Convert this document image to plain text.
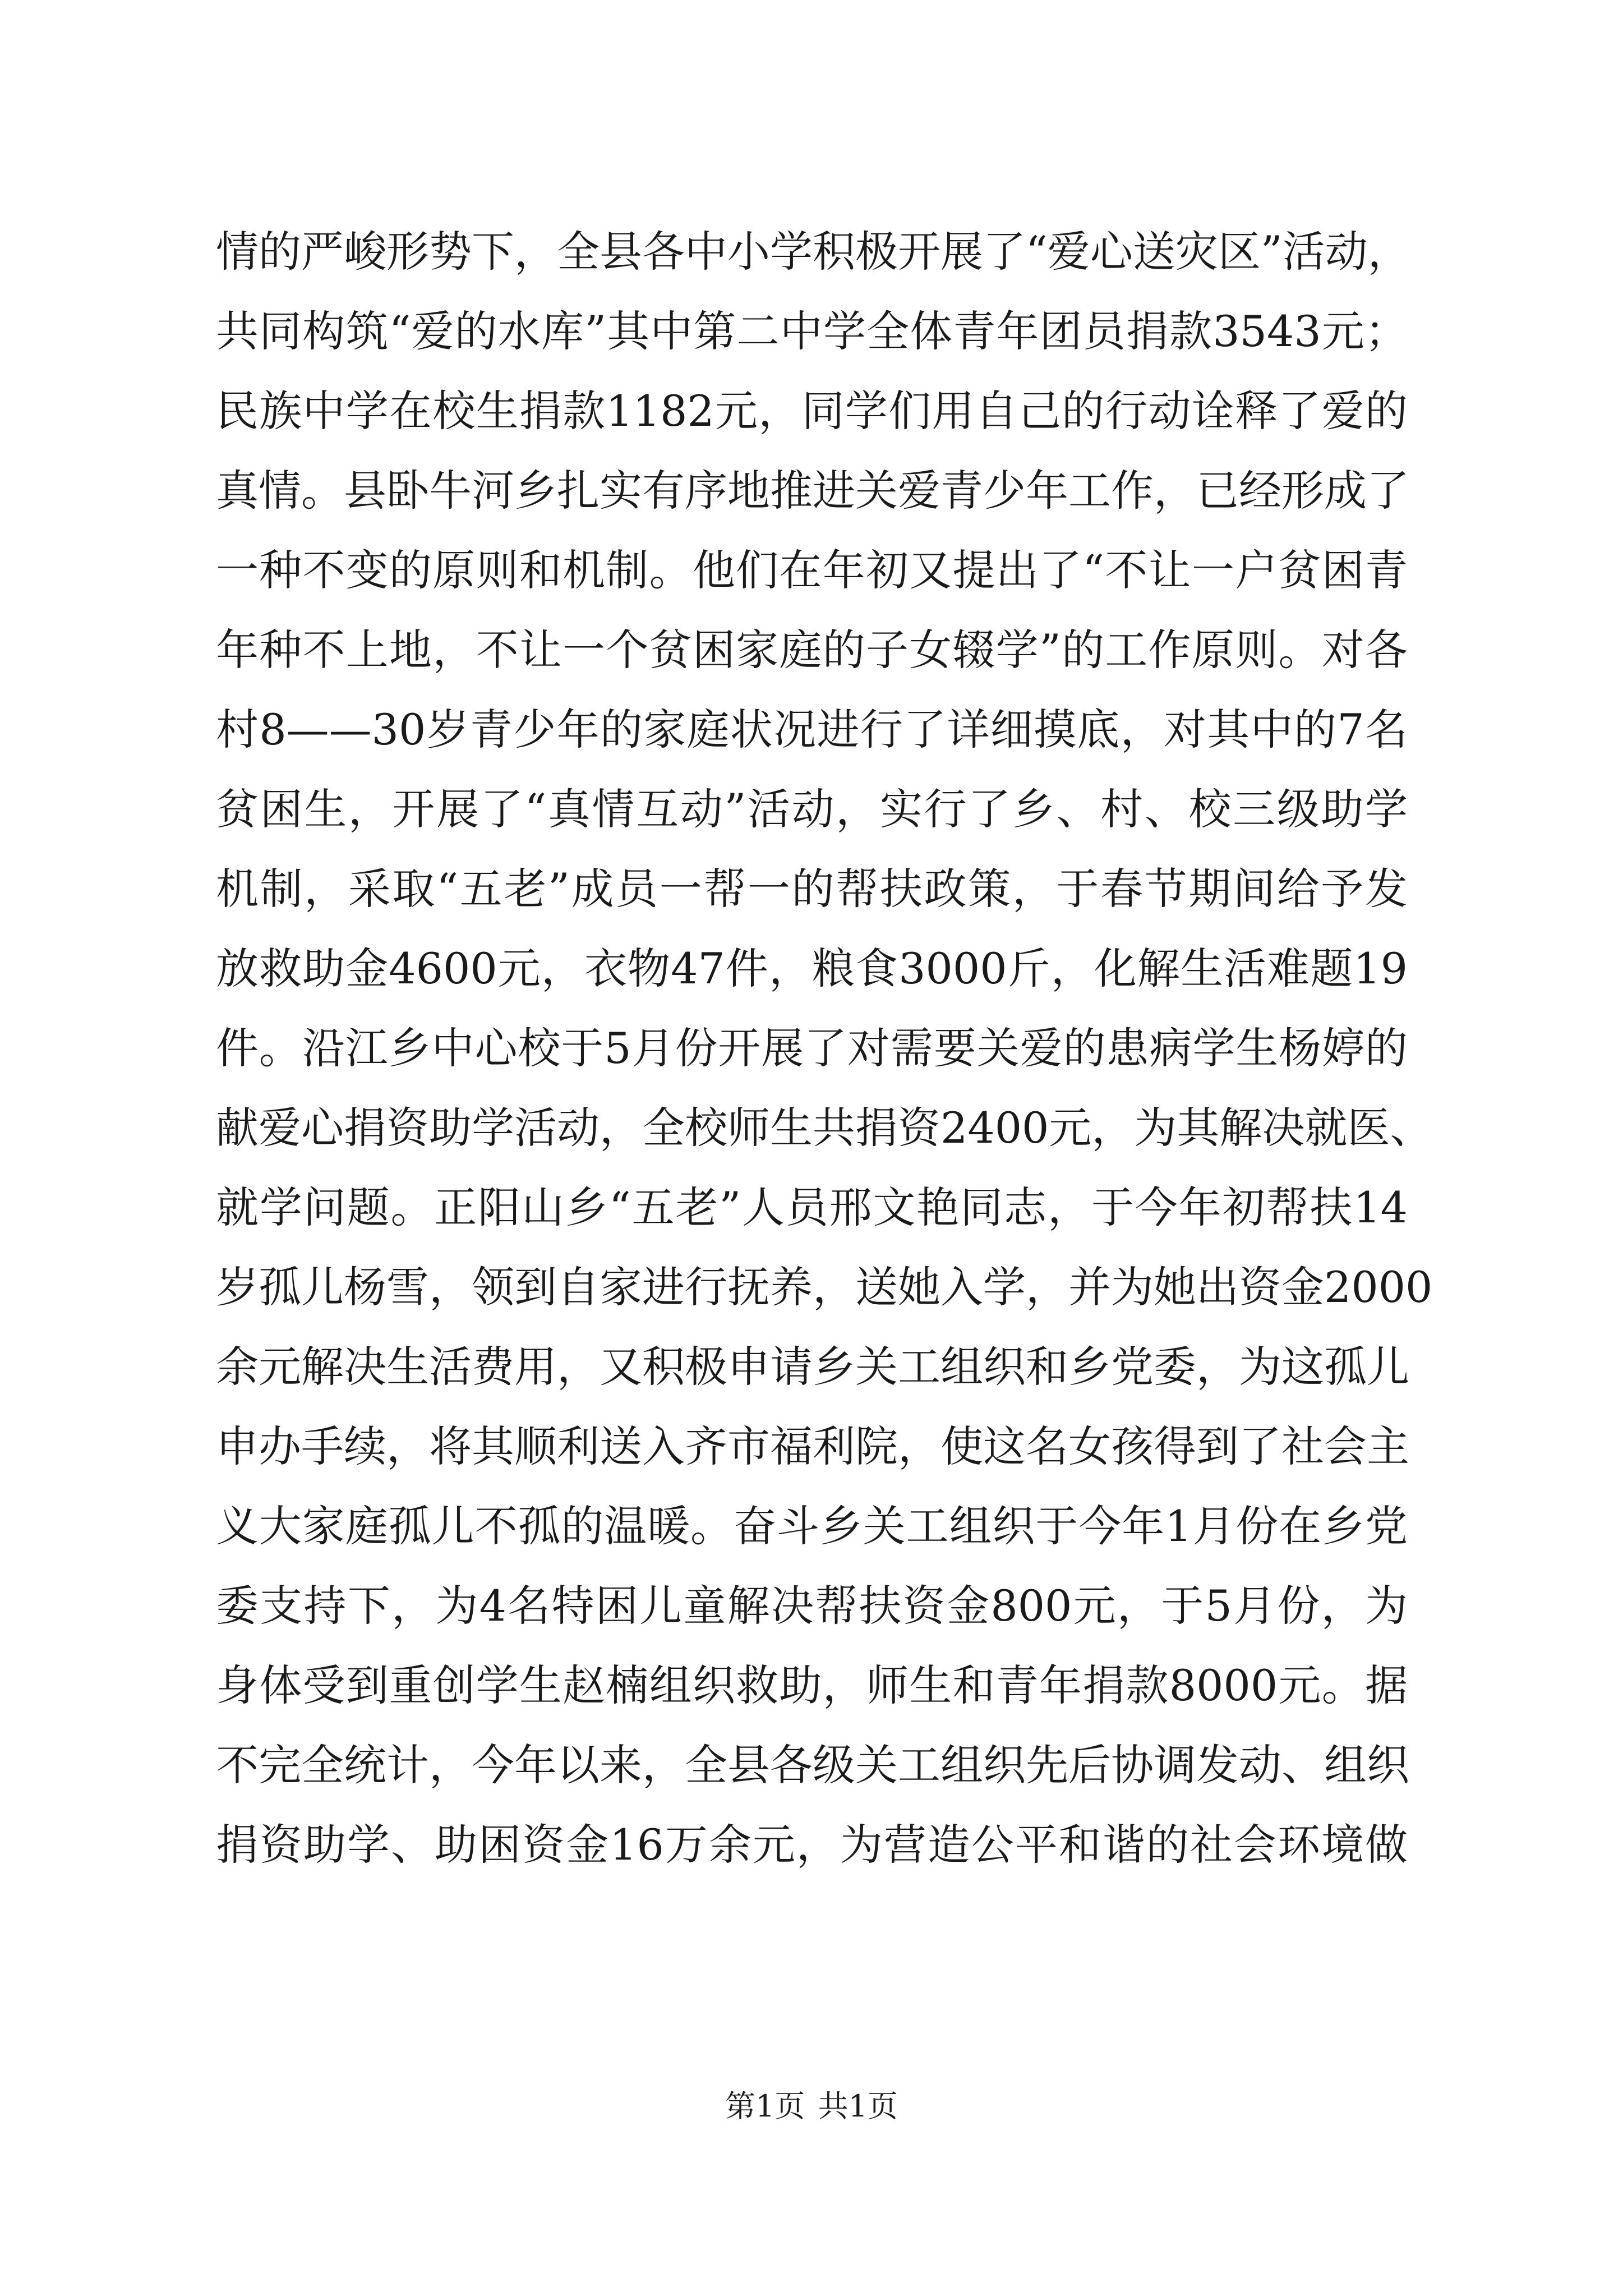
情的严峻形势下，全县各中小学积极开展了“爱心送灾区”活动，
共同构筑“爱的水库”其中第二中学全体青年团员捐款3543元；
民族中学在校生捐款1182元，同学们用自己的行动诠释了爱的
真情。县卧牛河乡扎实有序地推进关爱青少年工作，已经形成了
一种不变的原则和机制。他们在年初又提出了“不让一户贫困青
年种不上地，不让一个贫困家庭的子女辍学”的工作原则。对各
村8——30岁青少年的家庭状况进行了详细摸底，对其中的7名
贫困生，开展了“真情互动”活动，实行了乡、村、校三级助学
机制，采取“五老”成员一帮一的帮扶政策，于春节期间给予发
放救助金4600元，衣物47件，粮食3000斤，化解生活难题19
件。沿江乡中心校于5月份开展了对需要关爱的患病学生杨婷的
献爱心捐资助学活动，全校师生共捐资2400元，为其解决就医、
就学问题。正阳山乡“五老”人员邢文艳同志，于今年初帮扶14
岁孤儿杨雪，领到自家进行抚养，送她入学，并为她出资金2000
余元解决生活费用，又积极申请乡关工组织和乡党委，为这孤儿
申办手续，将其顺利送入齐市福利院，使这名女孩得到了社会主
义大家庭孤儿不孤的温暖。奋斗乡关工组织于今年1月份在乡党
委支持下，为4名特困儿童解决帮扶资金800元，于5月份，为
身体受到重创学生赵楠组织救助，师生和青年捐款8000元。据
不完全统计，今年以来，全县各级关工组织先后协调发动、组织
捐资助学、助困资金16万余元，为营造公平和谐的社会环境做
第1页 共1页
